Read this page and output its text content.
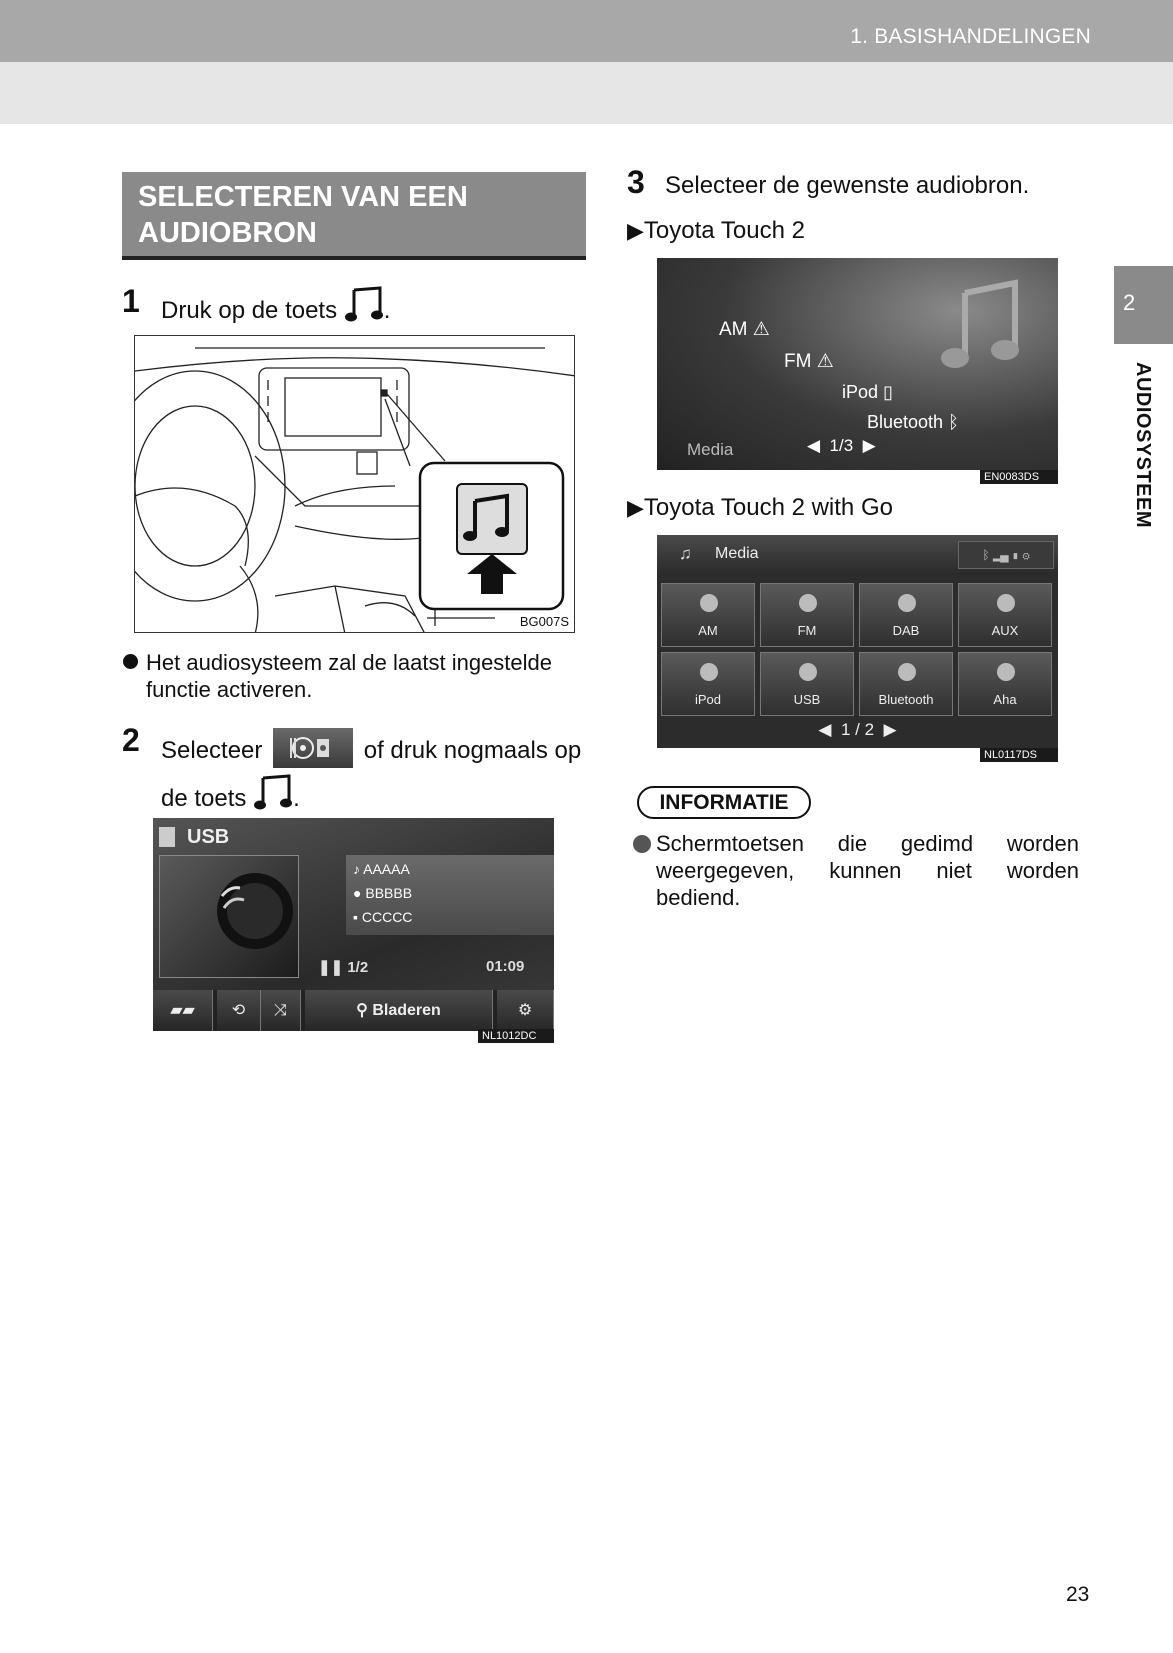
1. BASISHANDELINGEN
SELECTEREN VAN EEN
AUDIOBRON
1 Druk op de toets .
BG007S
Het audiosysteem zal de laatst ingestelde
functie activeren.
2 Selecteer	of druk nogmaals op
de toets .
USB
♪ AAAAA
● BBBBB
▪ CCCCC
❚❚ 1/2	01:09
▰▰	⟲	⤨	⚲ Bladeren	⚙
NL1012DC
3 Selecteer de gewenste audiobron.
▶Toyota Touch 2
AM ⚠
FM ⚠
iPod ▯
Bluetooth ᛒ
Media	◀ 1/3 ▶
EN0083DS
▶Toyota Touch 2 with Go
♫ Media	ᛒ ▂▄ ▮ ⚙
AM	FM	DAB	AUX
iPod	USB	Bluetooth	Aha
◀ 1 / 2 ▶
NL0117DS
INFORMATIE
Schermtoetsen die gedimd worden weergegeven, kunnen niet worden bediend.
2
AUDIOSYSTEEM
23
